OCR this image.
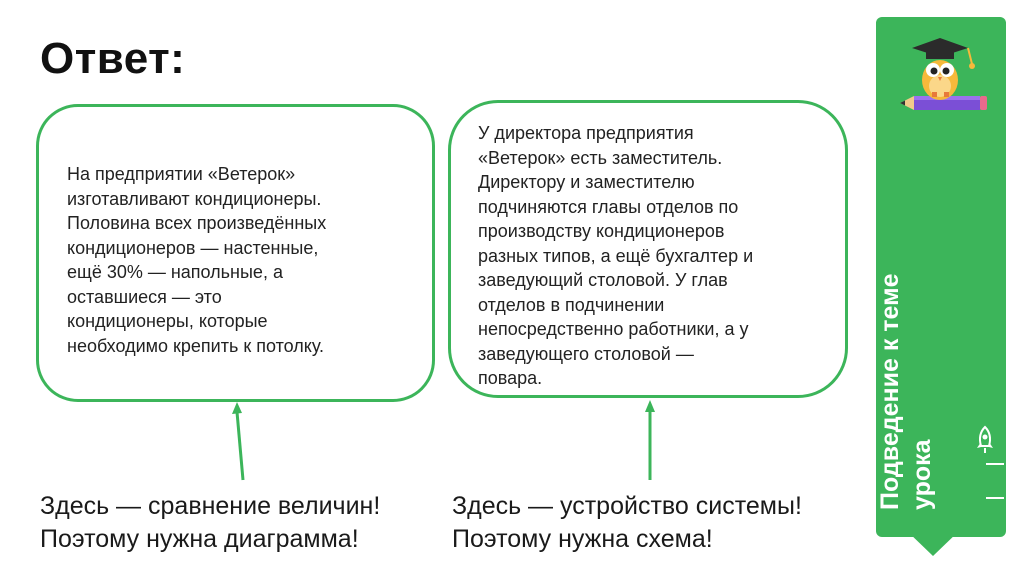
Ответ:
На предприятии «Ветерок»
изготавливают кондиционеры.
Половина всех произведённых
кондиционеров — настенные,
ещё 30% — напольные, а
оставшиеся — это
кондиционеры, которые
необходимо крепить к потолку.
У директора предприятия
«Ветерок» есть заместитель.
Директору и заместителю
подчиняются главы отделов по
производству кондиционеров
разных типов, а ещё бухгалтер и
заведующий столовой. У глав
отделов в подчинении
непосредственно работники, а у
заведующего столовой —
повара.
Здесь — сравнение величин!
Поэтому нужна диаграмма!
Здесь — устройство системы!
Поэтому нужна схема!
Подведение к теме
урока
